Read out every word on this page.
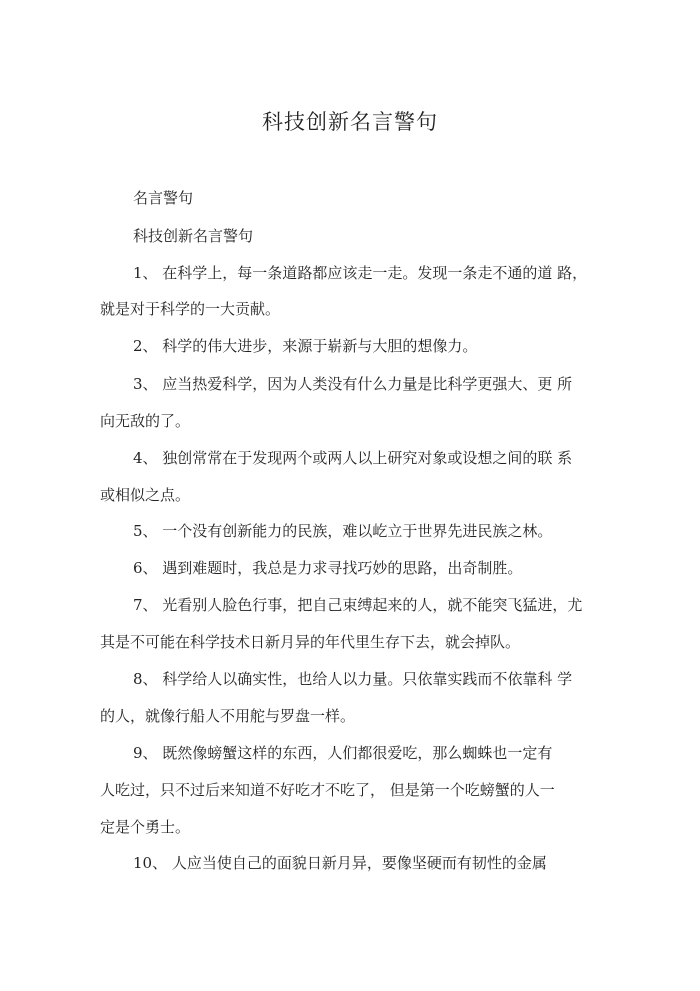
科技创新名言警句
名言警句
科技创新名言警句
1、 在科学上，每一条道路都应该走一走。发现一条走不通的道 路，
就是对于科学的一大贡献。
2、 科学的伟大进步，来源于崭新与大胆的想像力。
3、 应当热爱科学，因为人类没有什么力量是比科学更强大、更 所
向无敌的了。
4、 独创常常在于发现两个或两人以上研究对象或设想之间的联 系
或相似之点。
5、 一个没有创新能力的民族，难以屹立于世界先进民族之林。
6、 遇到难题时，我总是力求寻找巧妙的思路，出奇制胜。
7、 光看别人脸色行事，把自己束缚起来的人，就不能突飞猛进，尤
其是不可能在科学技术日新月异的年代里生存下去，就会掉队。
8、 科学给人以确实性，也给人以力量。只依靠实践而不依靠科 学
的人，就像行船人不用舵与罗盘一样。
9、 既然像螃蟹这样的东西，人们都很爱吃，那么蜘蛛也一定有
人吃过，只不过后来知道不好吃才不吃了， 但是第一个吃螃蟹的人一
定是个勇士。
10、 人应当使自己的面貌日新月异，要像坚硬而有韧性的金属
